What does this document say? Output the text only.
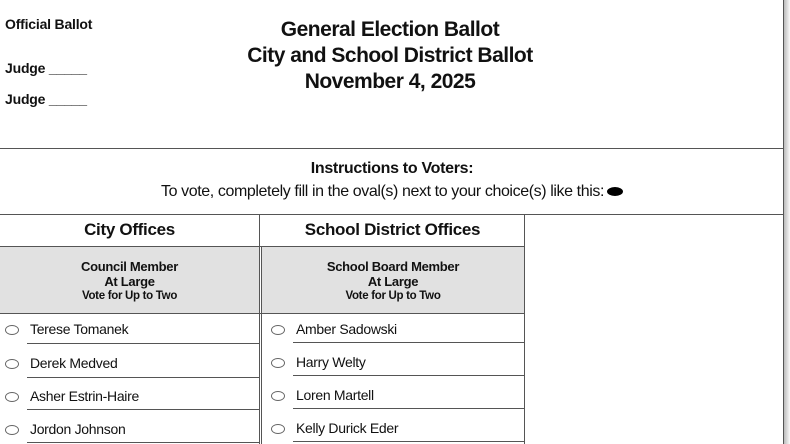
Official Ballot
Judge _____
Judge _____
General Election Ballot
City and School District Ballot
November 4, 2025
Instructions to Voters:
To vote, completely fill in the oval(s) next to your choice(s) like this:
City Offices	School District Offices
Council Member
At Large
Vote for Up to Two
School Board Member
At Large
Vote for Up to Two
Terese Tomanek
Derek Medved
Asher Estrin-Haire
Jordon Johnson
Amber Sadowski
Harry Welty
Loren Martell
Kelly Durick Eder
